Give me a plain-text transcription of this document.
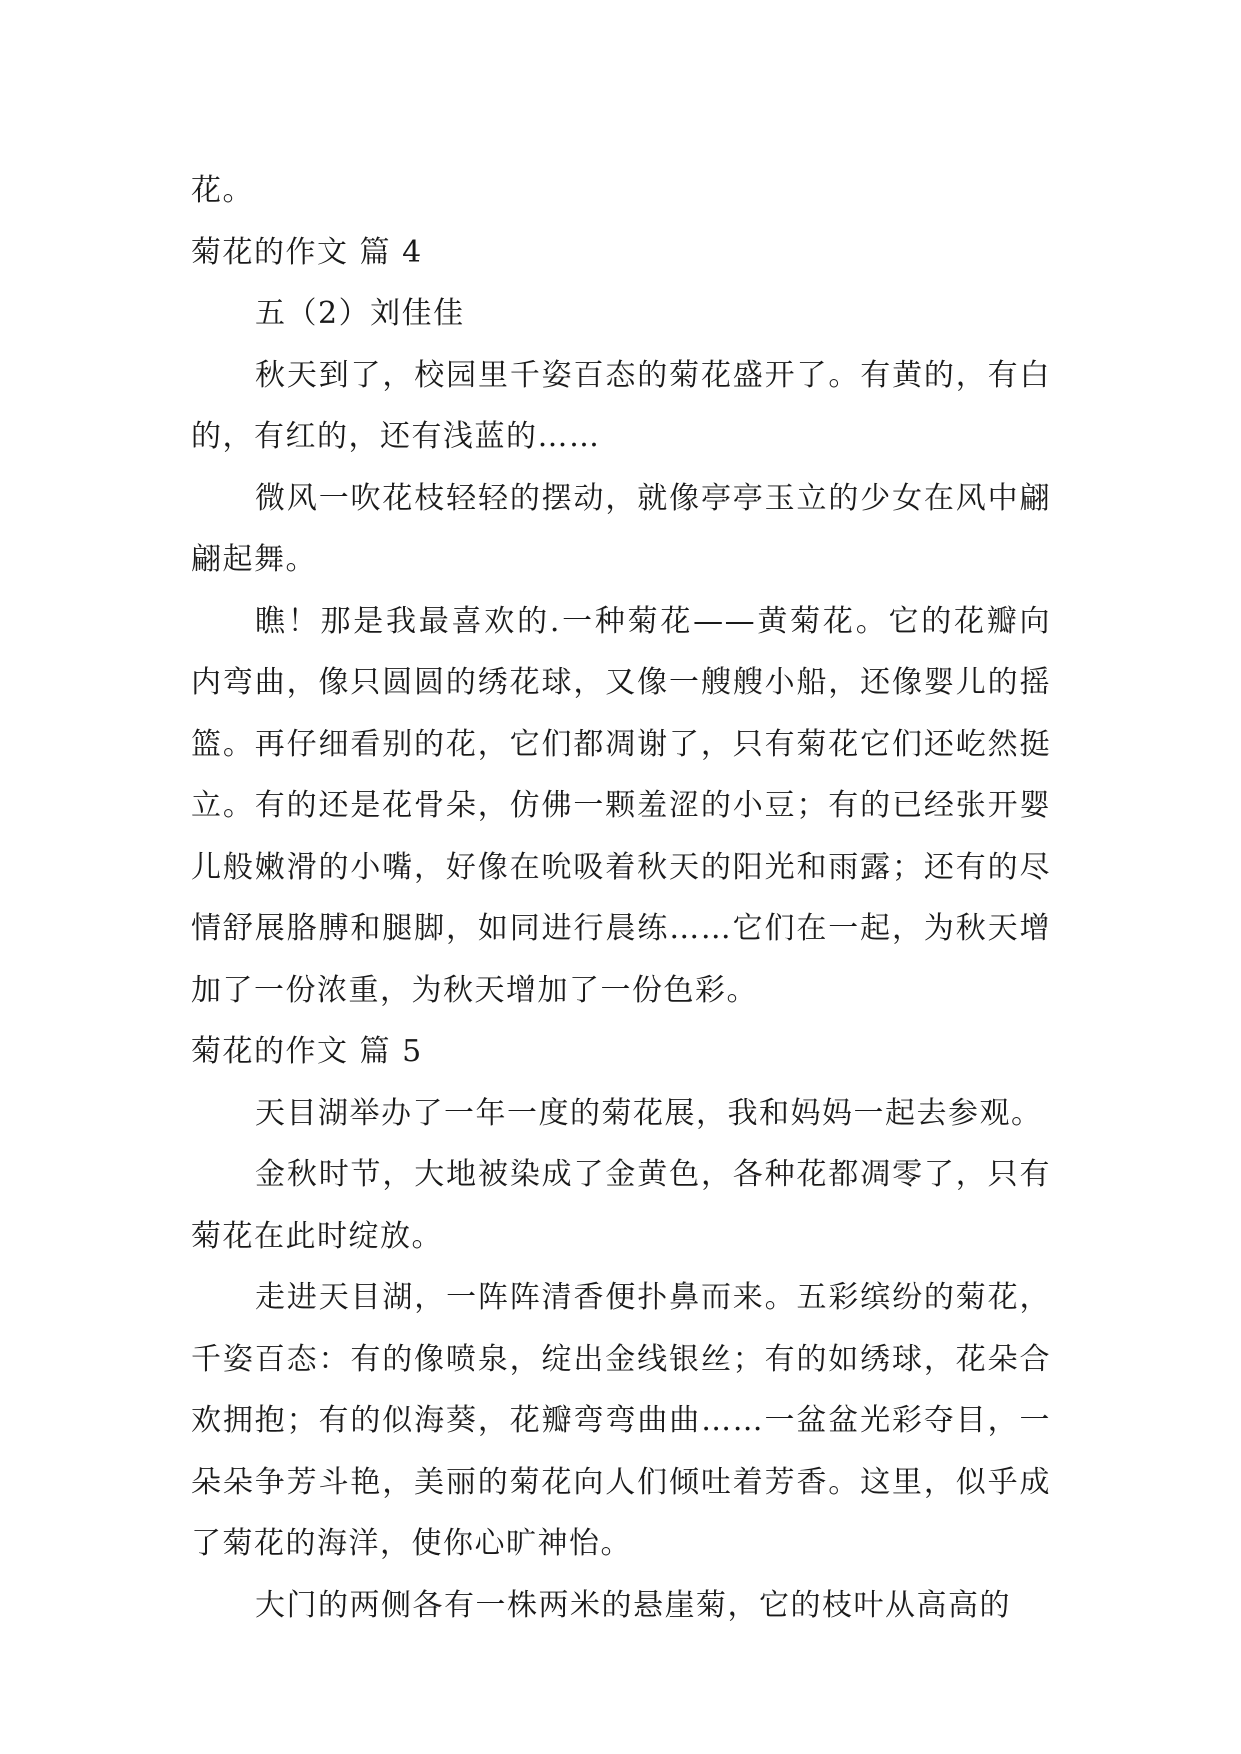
花。

菊花的作文 篇 4

五（2）刘佳佳

秋天到了，校园里千姿百态的菊花盛开了。有黄的，有白的，有红的，还有浅蓝的……

微风一吹花枝轻轻的摆动，就像亭亭玉立的少女在风中翩翩起舞。

瞧！那是我最喜欢的.一种菊花——黄菊花。它的花瓣向内弯曲，像只圆圆的绣花球，又像一艘艘小船，还像婴儿的摇篮。再仔细看别的花，它们都凋谢了，只有菊花它们还屹然挺立。有的还是花骨朵，仿佛一颗羞涩的小豆；有的已经张开婴儿般嫩滑的小嘴，好像在吮吸着秋天的阳光和雨露；还有的尽情舒展胳膊和腿脚，如同进行晨练……它们在一起，为秋天增加了一份浓重，为秋天增加了一份色彩。

菊花的作文 篇 5

天目湖举办了一年一度的菊花展，我和妈妈一起去参观。

金秋时节，大地被染成了金黄色，各种花都凋零了，只有菊花在此时绽放。

走进天目湖，一阵阵清香便扑鼻而来。五彩缤纷的菊花，千姿百态：有的像喷泉，绽出金线银丝；有的如绣球，花朵合欢拥抱；有的似海葵，花瓣弯弯曲曲……一盆盆光彩夺目，一朵朵争芳斗艳，美丽的菊花向人们倾吐着芳香。这里，似乎成了菊花的海洋，使你心旷神怡。

大门的两侧各有一株两米的悬崖菊，它的枝叶从高高的
